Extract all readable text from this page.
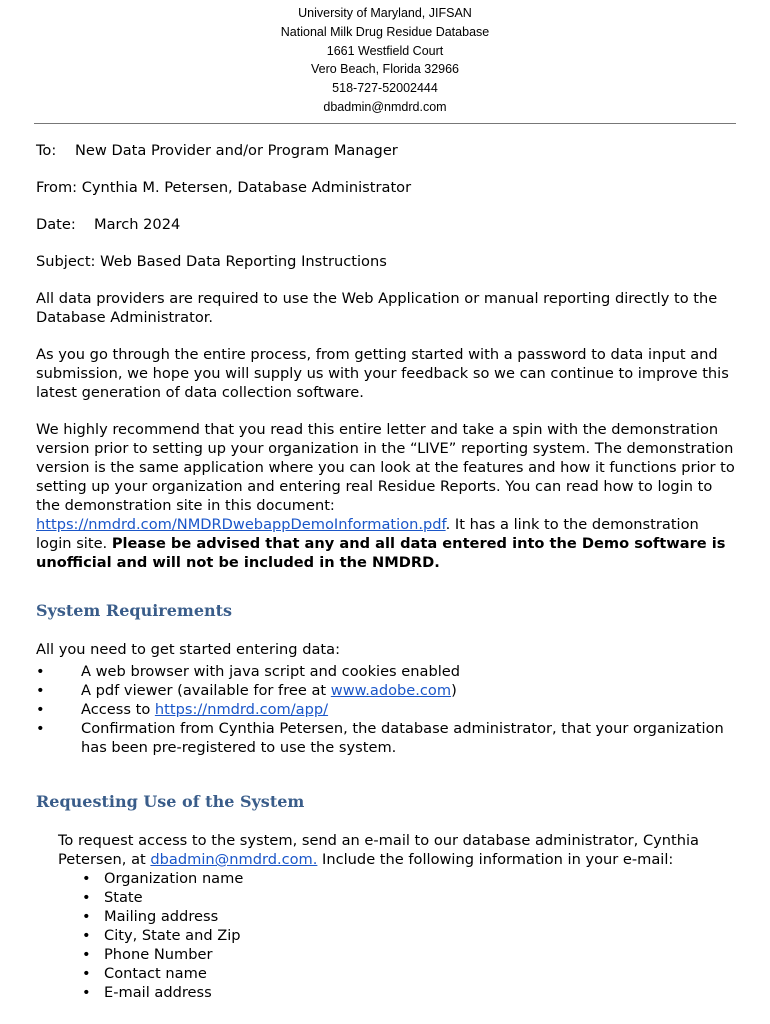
University of Maryland, JIFSAN
National Milk Drug Residue Database
1661 Westfield Court
Vero Beach, Florida 32966
518-727-52002444
dbadmin@nmdrd.com
To: New Data Provider and/or Program Manager
From: Cynthia M. Petersen, Database Administrator
Date: March 2024
Subject: Web Based Data Reporting Instructions

All data providers are required to use the Web Application or manual reporting directly to the Database Administrator.

As you go through the entire process, from getting started with a password to data input and submission, we hope you will supply us with your feedback so we can continue to improve this latest generation of data collection software.

We highly recommend that you read this entire letter and take a spin with the demonstration version prior to setting up your organization in the “LIVE” reporting system. The demonstration version is the same application where you can look at the features and how it functions prior to setting up your organization and entering real Residue Reports. You can read how to login to the demonstration site in this document: https://nmdrd.com/NMDRDwebappDemoInformation.pdf. It has a link to the demonstration login site. Please be advised that any and all data entered into the Demo software is unofficial and will not be included in the NMDRD.

System Requirements
All you need to get started entering data:
• A web browser with java script and cookies enabled
• A pdf viewer (available for free at www.adobe.com)
• Access to https://nmdrd.com/app/
• Confirmation from Cynthia Petersen, the database administrator, that your organization has been pre-registered to use the system.
Requesting Use of the System
To request access to the system, send an e-mail to our database administrator, Cynthia Petersen, at dbadmin@nmdrd.com. Include the following information in your e-mail:
• Organization name
• State
• Mailing address
• City, State and Zip
• Phone Number
• Contact name
• E-mail address
